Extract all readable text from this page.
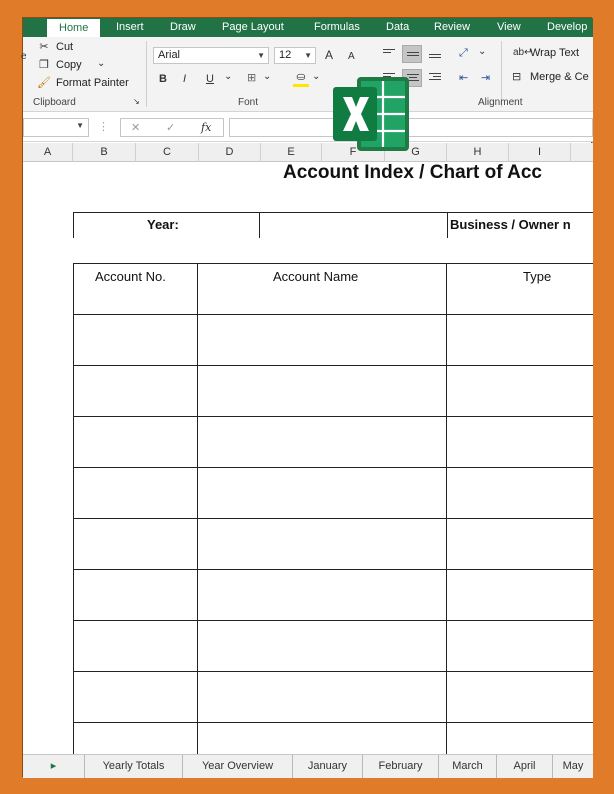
Home	Insert Draw Page Layout	Formulas Data Review View Develop
e
✂ Cut
❐ Copy ⌄
🖌 Format Painter
Clipboard	↘
Arial	▼	12 ▼ A A
B I U ⌄ ⊞ ⌄	⛀ ⌄
Font
⤢ ⌄
⇤ ⇥
ab↵
Wrap Text
⊟ Merge & Ce
Alignment
▼ ⋮ ✕ ✓ fx
A	B	C	D	E	F	G	H	I
Account Index / Chart of Acc
Year:	Business / Owner n
Account No.	Account Name	Type
▸	Yearly Totals	Year Overview	January	February	March	April	May
